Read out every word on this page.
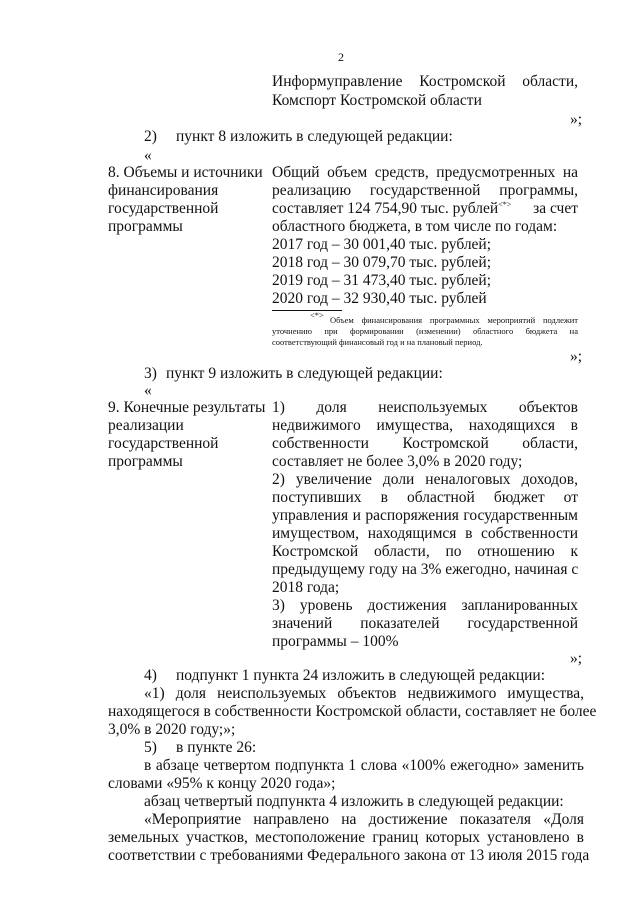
2
Информуправление Костромской области,
Комспорт Костромской области
»;
2) пункт 8 изложить в следующей редакции:
«
8. Объемы и источники
финансирования
государственной
программы
Общий объем средств, предусмотренных на
реализацию государственной программы,
составляет 124 754,90 тыс. рублей<*>	за счет
областного бюджета, в том числе по годам:
2017 год – 30 001,40 тыс. рублей;
2018 год – 30 079,70 тыс. рублей;
2019 год – 31 473,40 тыс. рублей;
2020 год – 32 930,40 тыс. рублей
<*> Объем финансирования программных мероприятий подлежит
уточнению при формировании (изменении) областного бюджета на
соответствующий финансовый год и на плановый период.
»;
3) пункт 9 изложить в следующей редакции:
«
9. Конечные результаты
реализации
государственной
программы
1) доля неиспользуемых объектов
недвижимого имущества, находящихся в
собственности Костромской области,
составляет не более 3,0% в 2020 году;
2) увеличение доли неналоговых доходов,
поступивших в областной бюджет от
управления и распоряжения государственным
имуществом, находящимся в собственности
Костромской области, по отношению к
предыдущему году на 3% ежегодно, начиная с
2018 года;
3) уровень достижения запланированных
значений показателей государственной
программы – 100%
»;
4) подпункт 1 пункта 24 изложить в следующей редакции:
«1) доля неиспользуемых объектов недвижимого имущества,
находящегося в собственности Костромской области, составляет не более
3,0% в 2020 году;»;
5) в пункте 26:
в абзаце четвертом подпункта 1 слова «100% ежегодно» заменить
словами «95% к концу 2020 года»;
абзац четвертый подпункта 4 изложить в следующей редакции:
«Мероприятие направлено на достижение показателя «Доля
земельных участков, местоположение границ которых установлено в
соответствии с требованиями Федерального закона от 13 июля 2015 года
